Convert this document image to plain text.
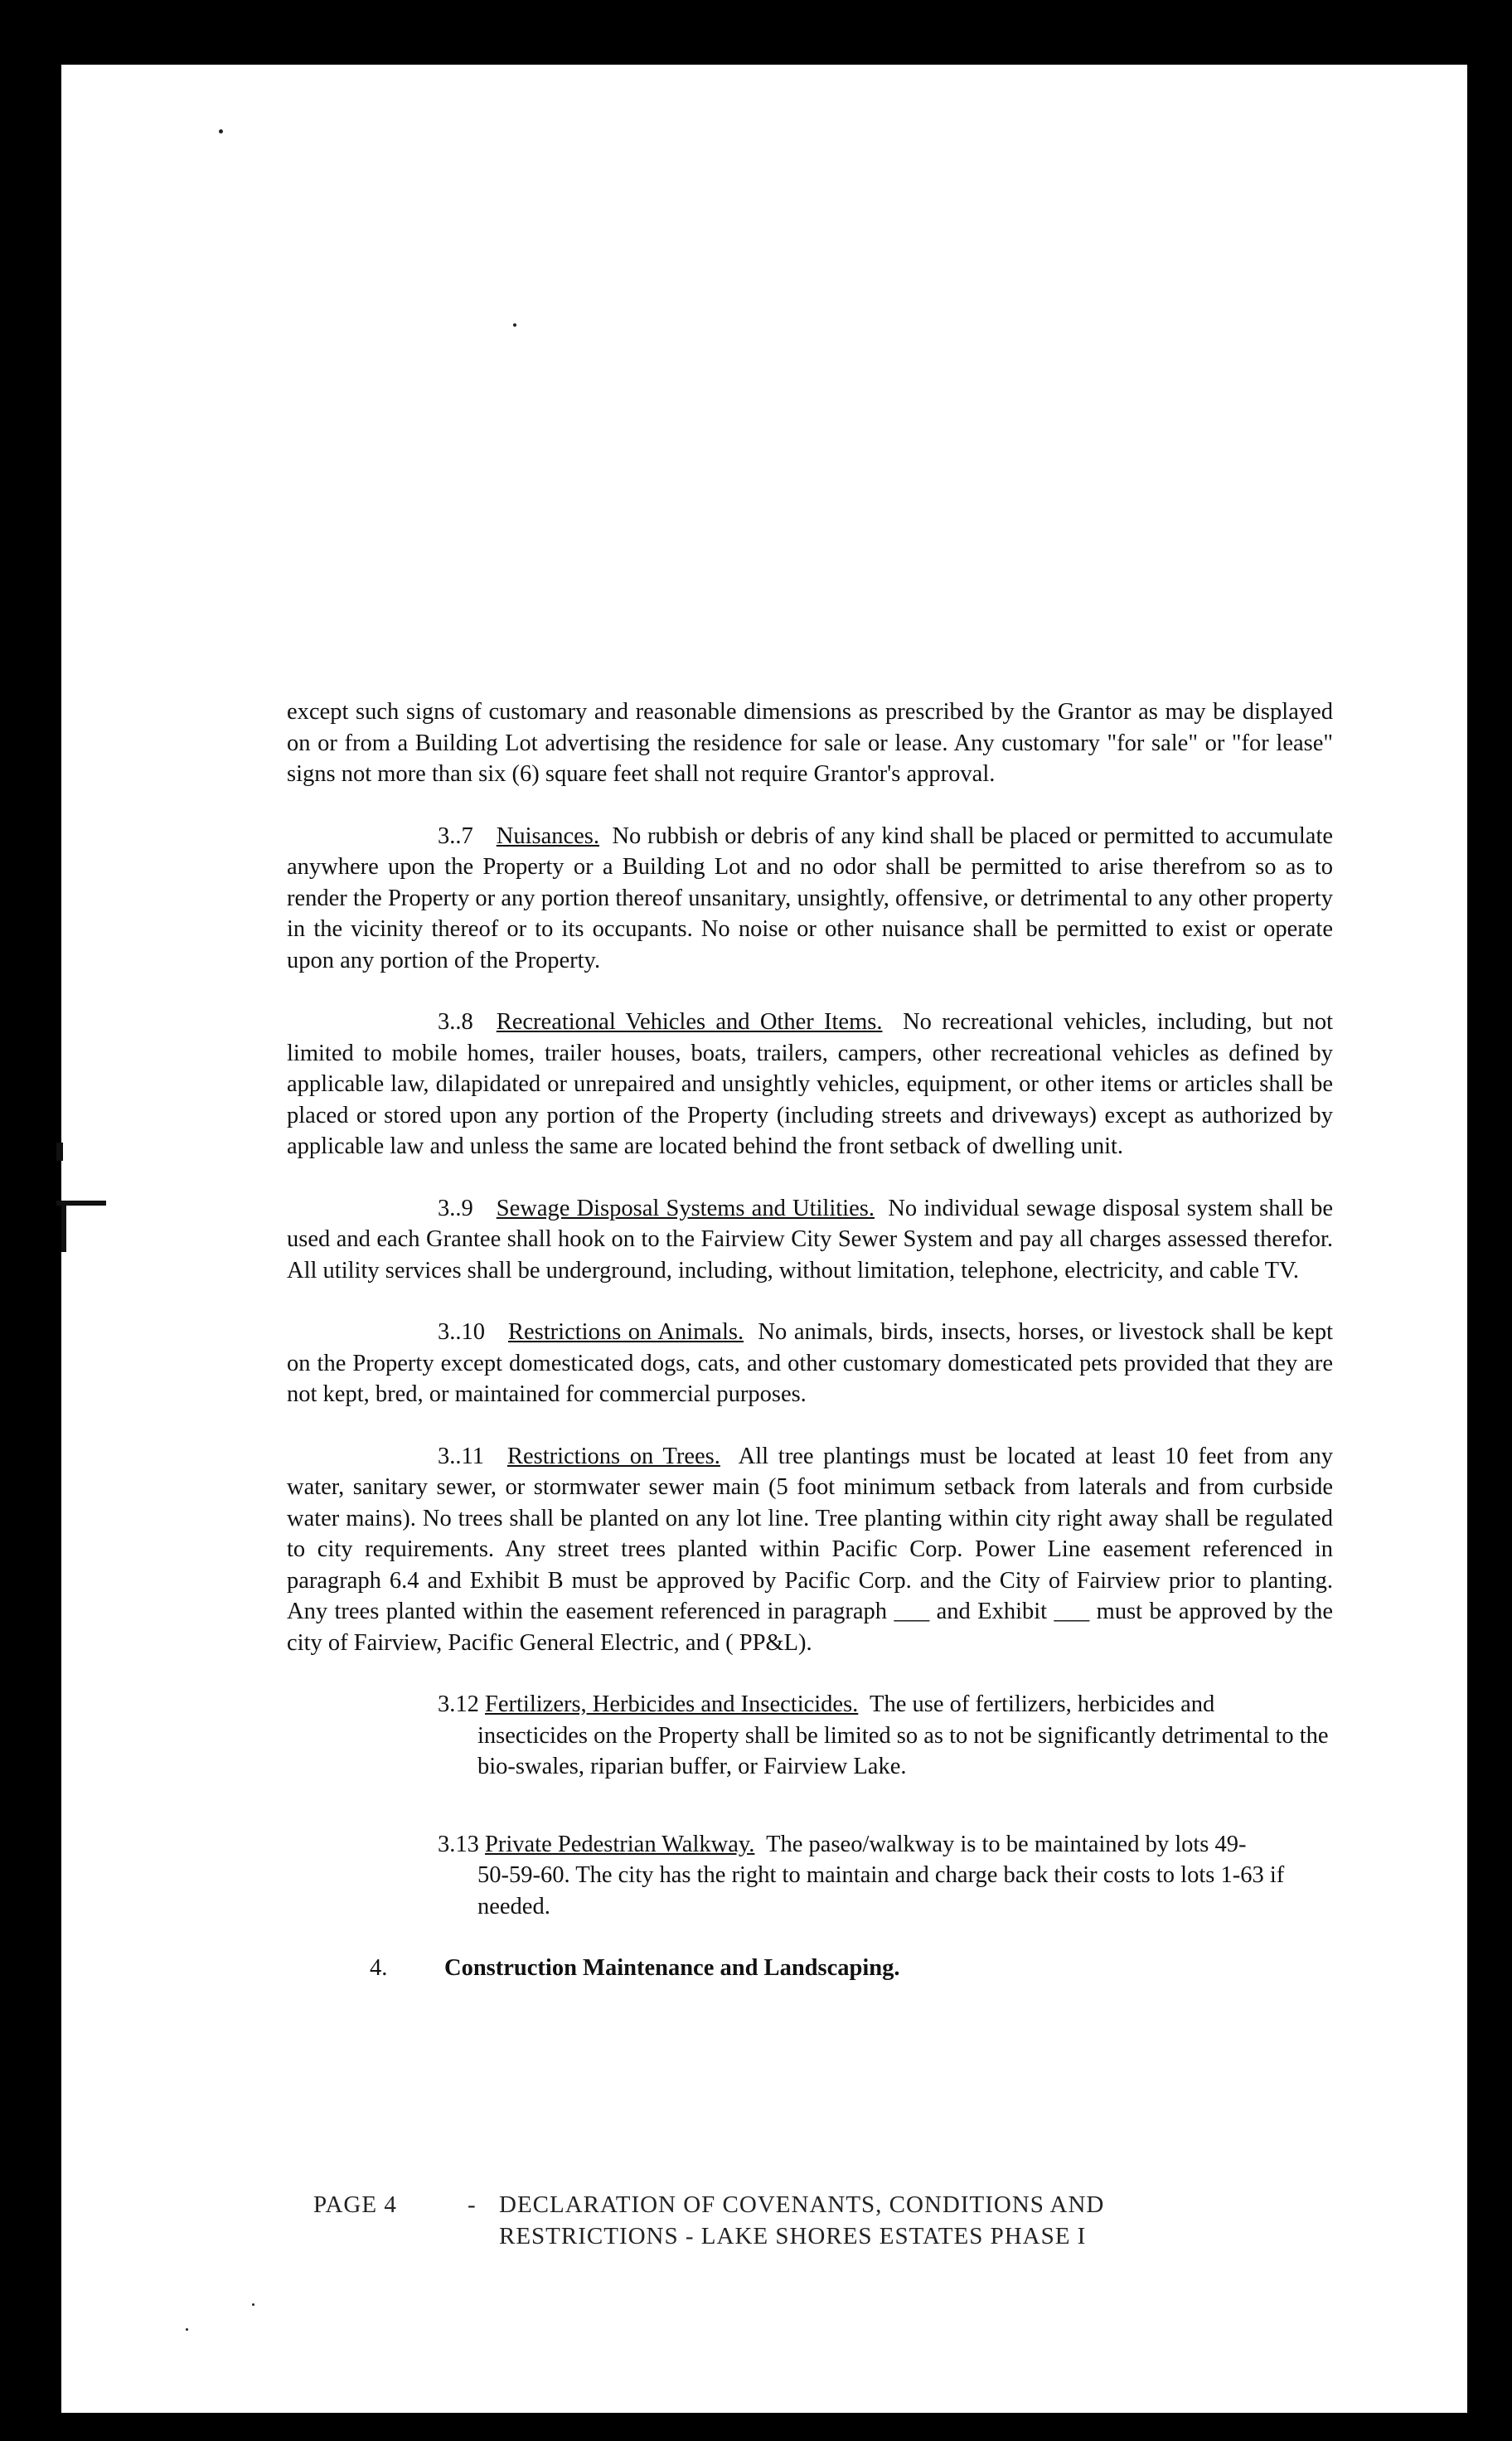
except such signs of customary and reasonable dimensions as prescribed by the Grantor as may be displayed on or from a Building Lot advertising the residence for sale or lease. Any customary "for sale" or "for lease" signs not more than six (6) square feet shall not require Grantor's approval.

3..7 Nuisances. No rubbish or debris of any kind shall be placed or permitted to accumulate anywhere upon the Property or a Building Lot and no odor shall be permitted to arise therefrom so as to render the Property or any portion thereof unsanitary, unsightly, offensive, or detrimental to any other property in the vicinity thereof or to its occupants. No noise or other nuisance shall be permitted to exist or operate upon any portion of the Property.

3..8 Recreational Vehicles and Other Items. No recreational vehicles, including, but not limited to mobile homes, trailer houses, boats, trailers, campers, other recreational vehicles as defined by applicable law, dilapidated or unrepaired and unsightly vehicles, equipment, or other items or articles shall be placed or stored upon any portion of the Property (including streets and driveways) except as authorized by applicable law and unless the same are located behind the front setback of dwelling unit.

3..9 Sewage Disposal Systems and Utilities. No individual sewage disposal system shall be used and each Grantee shall hook on to the Fairview City Sewer System and pay all charges assessed therefor. All utility services shall be underground, including, without limitation, telephone, electricity, and cable TV.

3..10 Restrictions on Animals. No animals, birds, insects, horses, or livestock shall be kept on the Property except domesticated dogs, cats, and other customary domesticated pets provided that they are not kept, bred, or maintained for commercial purposes.

3..11 Restrictions on Trees. All tree plantings must be located at least 10 feet from any water, sanitary sewer, or stormwater sewer main (5 foot minimum setback from laterals and from curbside water mains). No trees shall be planted on any lot line. Tree planting within city right away shall be regulated to city requirements. Any street trees planted within Pacific Corp. Power Line easement referenced in paragraph 6.4 and Exhibit B must be approved by Pacific Corp. and the City of Fairview prior to planting. Any trees planted within the easement referenced in paragraph ___ and Exhibit ___ must be approved by the city of Fairview, Pacific General Electric, and ( PP&L).

3.12 Fertilizers, Herbicides and Insecticides. The use of fertilizers, herbicides and
insecticides on the Property shall be limited so as to not be significantly detrimental to the bio-swales, riparian buffer, or Fairview Lake.
3.13 Private Pedestrian Walkway. The paseo/walkway is to be maintained by lots 49-
50-59-60. The city has the right to maintain and charge back their costs to lots 1-63 if needed.
4. Construction Maintenance and Landscaping.
PAGE 4	- DECLARATION OF COVENANTS, CONDITIONS AND
RESTRICTIONS - LAKE SHORES ESTATES PHASE I
